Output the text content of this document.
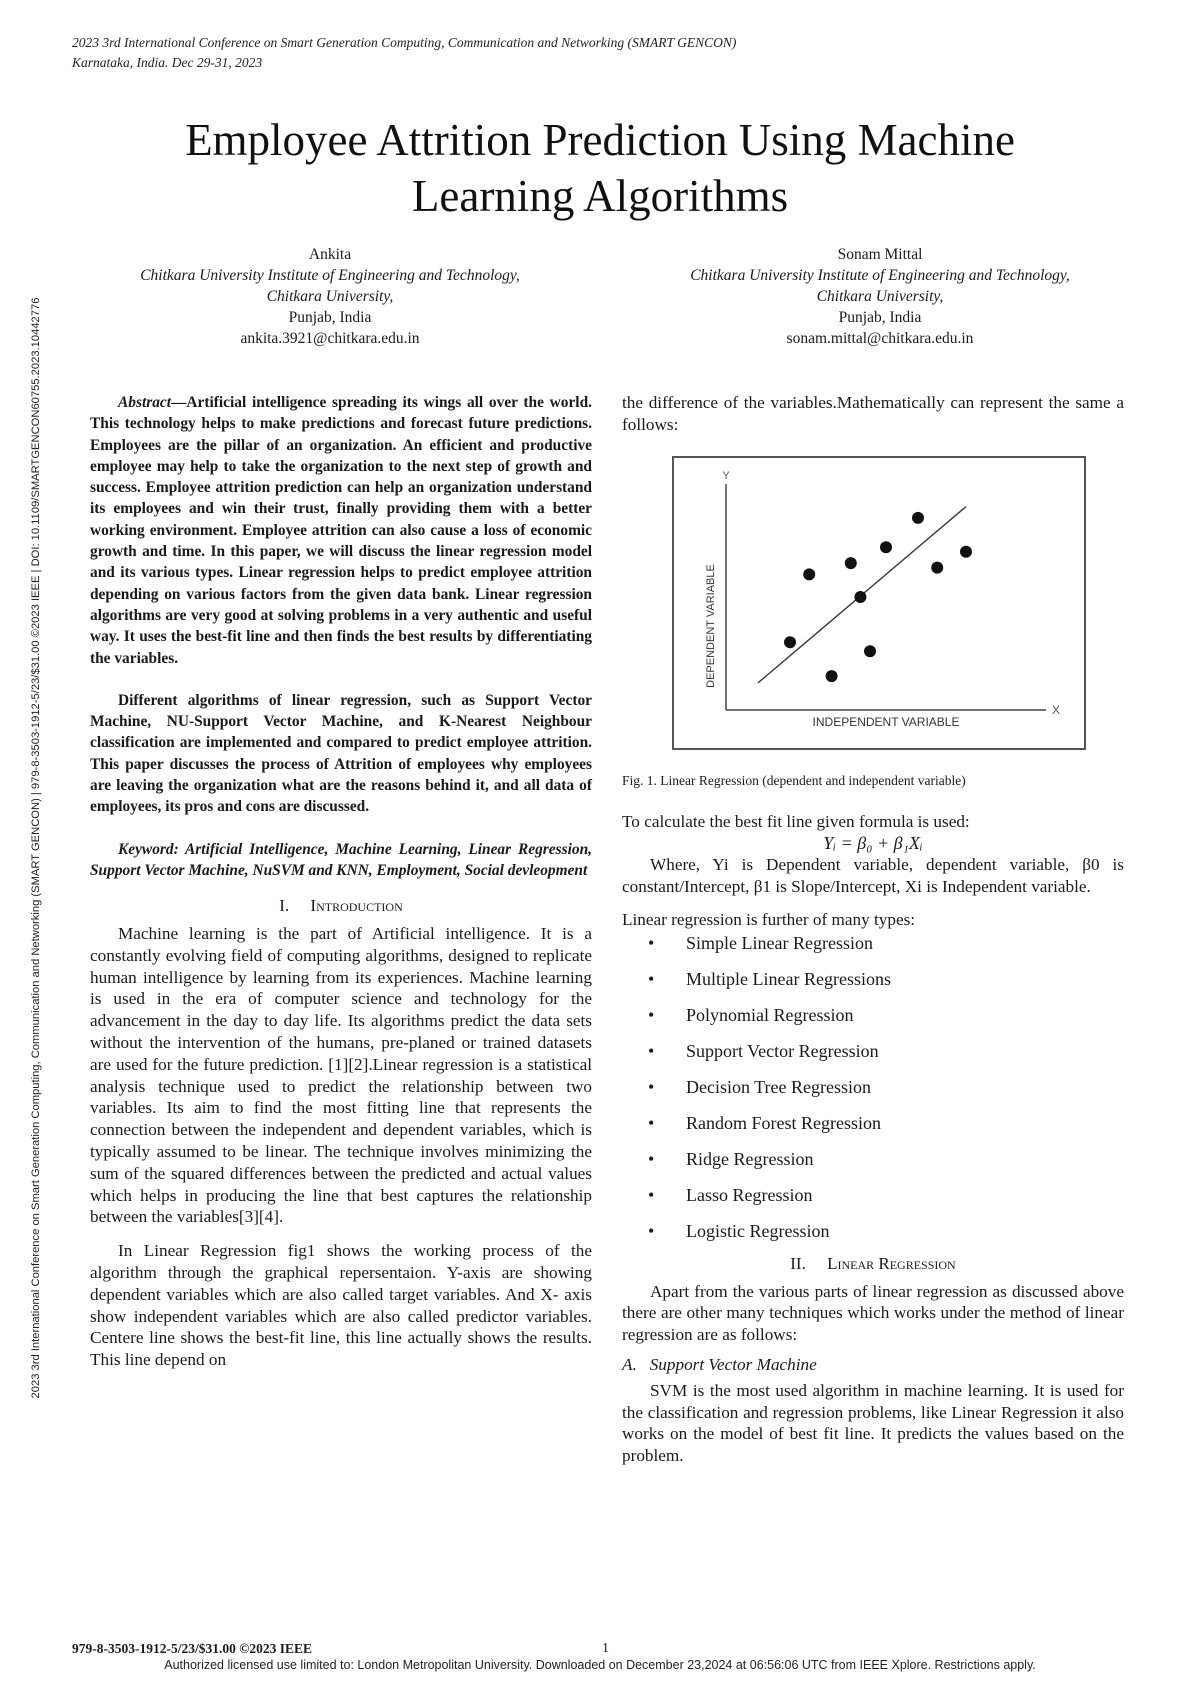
2023 3rd International Conference on Smart Generation Computing, Communication and Networking (SMART GENCON)
Karnataka, India. Dec 29-31, 2023
2023 3rd International Conference on Smart Generation Computing, Communication and Networking (SMART GENCON) | 979-8-3503-1912-5/23/$31.00 ©2023 IEEE | DOI: 10.1109/SMARTGENCON60755.2023.10442776
Employee Attrition Prediction Using Machine
Learning Algorithms
Ankita
Chitkara University Institute of Engineering and Technology,
Chitkara University,
Punjab, India
ankita.3921@chitkara.edu.in
Sonam Mittal
Chitkara University Institute of Engineering and Technology,
Chitkara University,
Punjab, India
sonam.mittal@chitkara.edu.in

Abstract—Artificial intelligence spreading its wings all over the world. This technology helps to make predictions and forecast future predictions. Employees are the pillar of an organization. An efficient and productive employee may help to take the organization to the next step of growth and success. Employee attrition prediction can help an organization understand its employees and win their trust, finally providing them with a better working environment. Employee attrition can also cause a loss of economic growth and time. In this paper, we will discuss the linear regression model and its various types. Linear regression helps to predict employee attrition depending on various factors from the given data bank. Linear regression algorithms are very good at solving problems in a very authentic and useful way. It uses the best-fit line and then finds the best results by differentiating the variables.

Different algorithms of linear regression, such as Support Vector Machine, NU-Support Vector Machine, and K-Nearest Neighbour classification are implemented and compared to predict employee attrition. This paper discusses the process of Attrition of employees why employees are leaving the organization what are the reasons behind it, and all data of employees, its pros and cons are discussed.

Keyword: Artificial Intelligence, Machine Learning, Linear Regression, Support Vector Machine, NuSVM and KNN, Employment, Social devleopment

I. Introduction

Machine learning is the part of Artificial intelligence. It is a constantly evolving field of computing algorithms, designed to replicate human intelligence by learning from its experiences. Machine learning is used in the era of computer science and technology for the advancement in the day to day life. Its algorithms predict the data sets without the intervention of the humans, pre-planed or trained datasets are used for the future prediction. [1][2].Linear regression is a statistical analysis technique used to predict the relationship between two variables. Its aim to find the most fitting line that represents the connection between the independent and dependent variables, which is typically assumed to be linear. The technique involves minimizing the sum of the squared differences between the predicted and actual values which helps in producing the line that best captures the relationship between the variables[3][4].

In Linear Regression fig1 shows the working process of the algorithm through the graphical repersentaion. Y-axis are showing dependent variables which are also called target variables. And X- axis show independent variables which are also called predictor variables. Centere line shows the best-fit line, this line actually shows the results. This line depend on

the difference of the variables.Mathematically can represent the same a follows:

Y
X
DEPENDENT VARIABLE
INDEPENDENT VARIABLE

Fig. 1. Linear Regression (dependent and independent variable)

To calculate the best fit line given formula is used:

Yᵢ = β₀ + β₁Xᵢ

Where, Yi is Dependent variable, dependent variable, β0 is constant/Intercept, β1 is Slope/Intercept, Xi is Independent variable.

Linear regression is further of many types:

• Simple Linear Regression
• Multiple Linear Regressions
• Polynomial Regression
• Support Vector Regression
• Decision Tree Regression
• Random Forest Regression
• Ridge Regression
• Lasso Regression
• Logistic Regression

II. Linear Regression

Apart from the various parts of linear regression as discussed above there are other many techniques which works under the method of linear regression are as follows:

A. Support Vector Machine

SVM is the most used algorithm in machine learning. It is used for the classification and regression problems, like Linear Regression it also works on the model of best fit line. It predicts the values based on the problem.

979-8-3503-1912-5/23/$31.00 ©2023 IEEE	1
Authorized licensed use limited to: London Metropolitan University. Downloaded on December 23,2024 at 06:56:06 UTC from IEEE Xplore. Restrictions apply.
